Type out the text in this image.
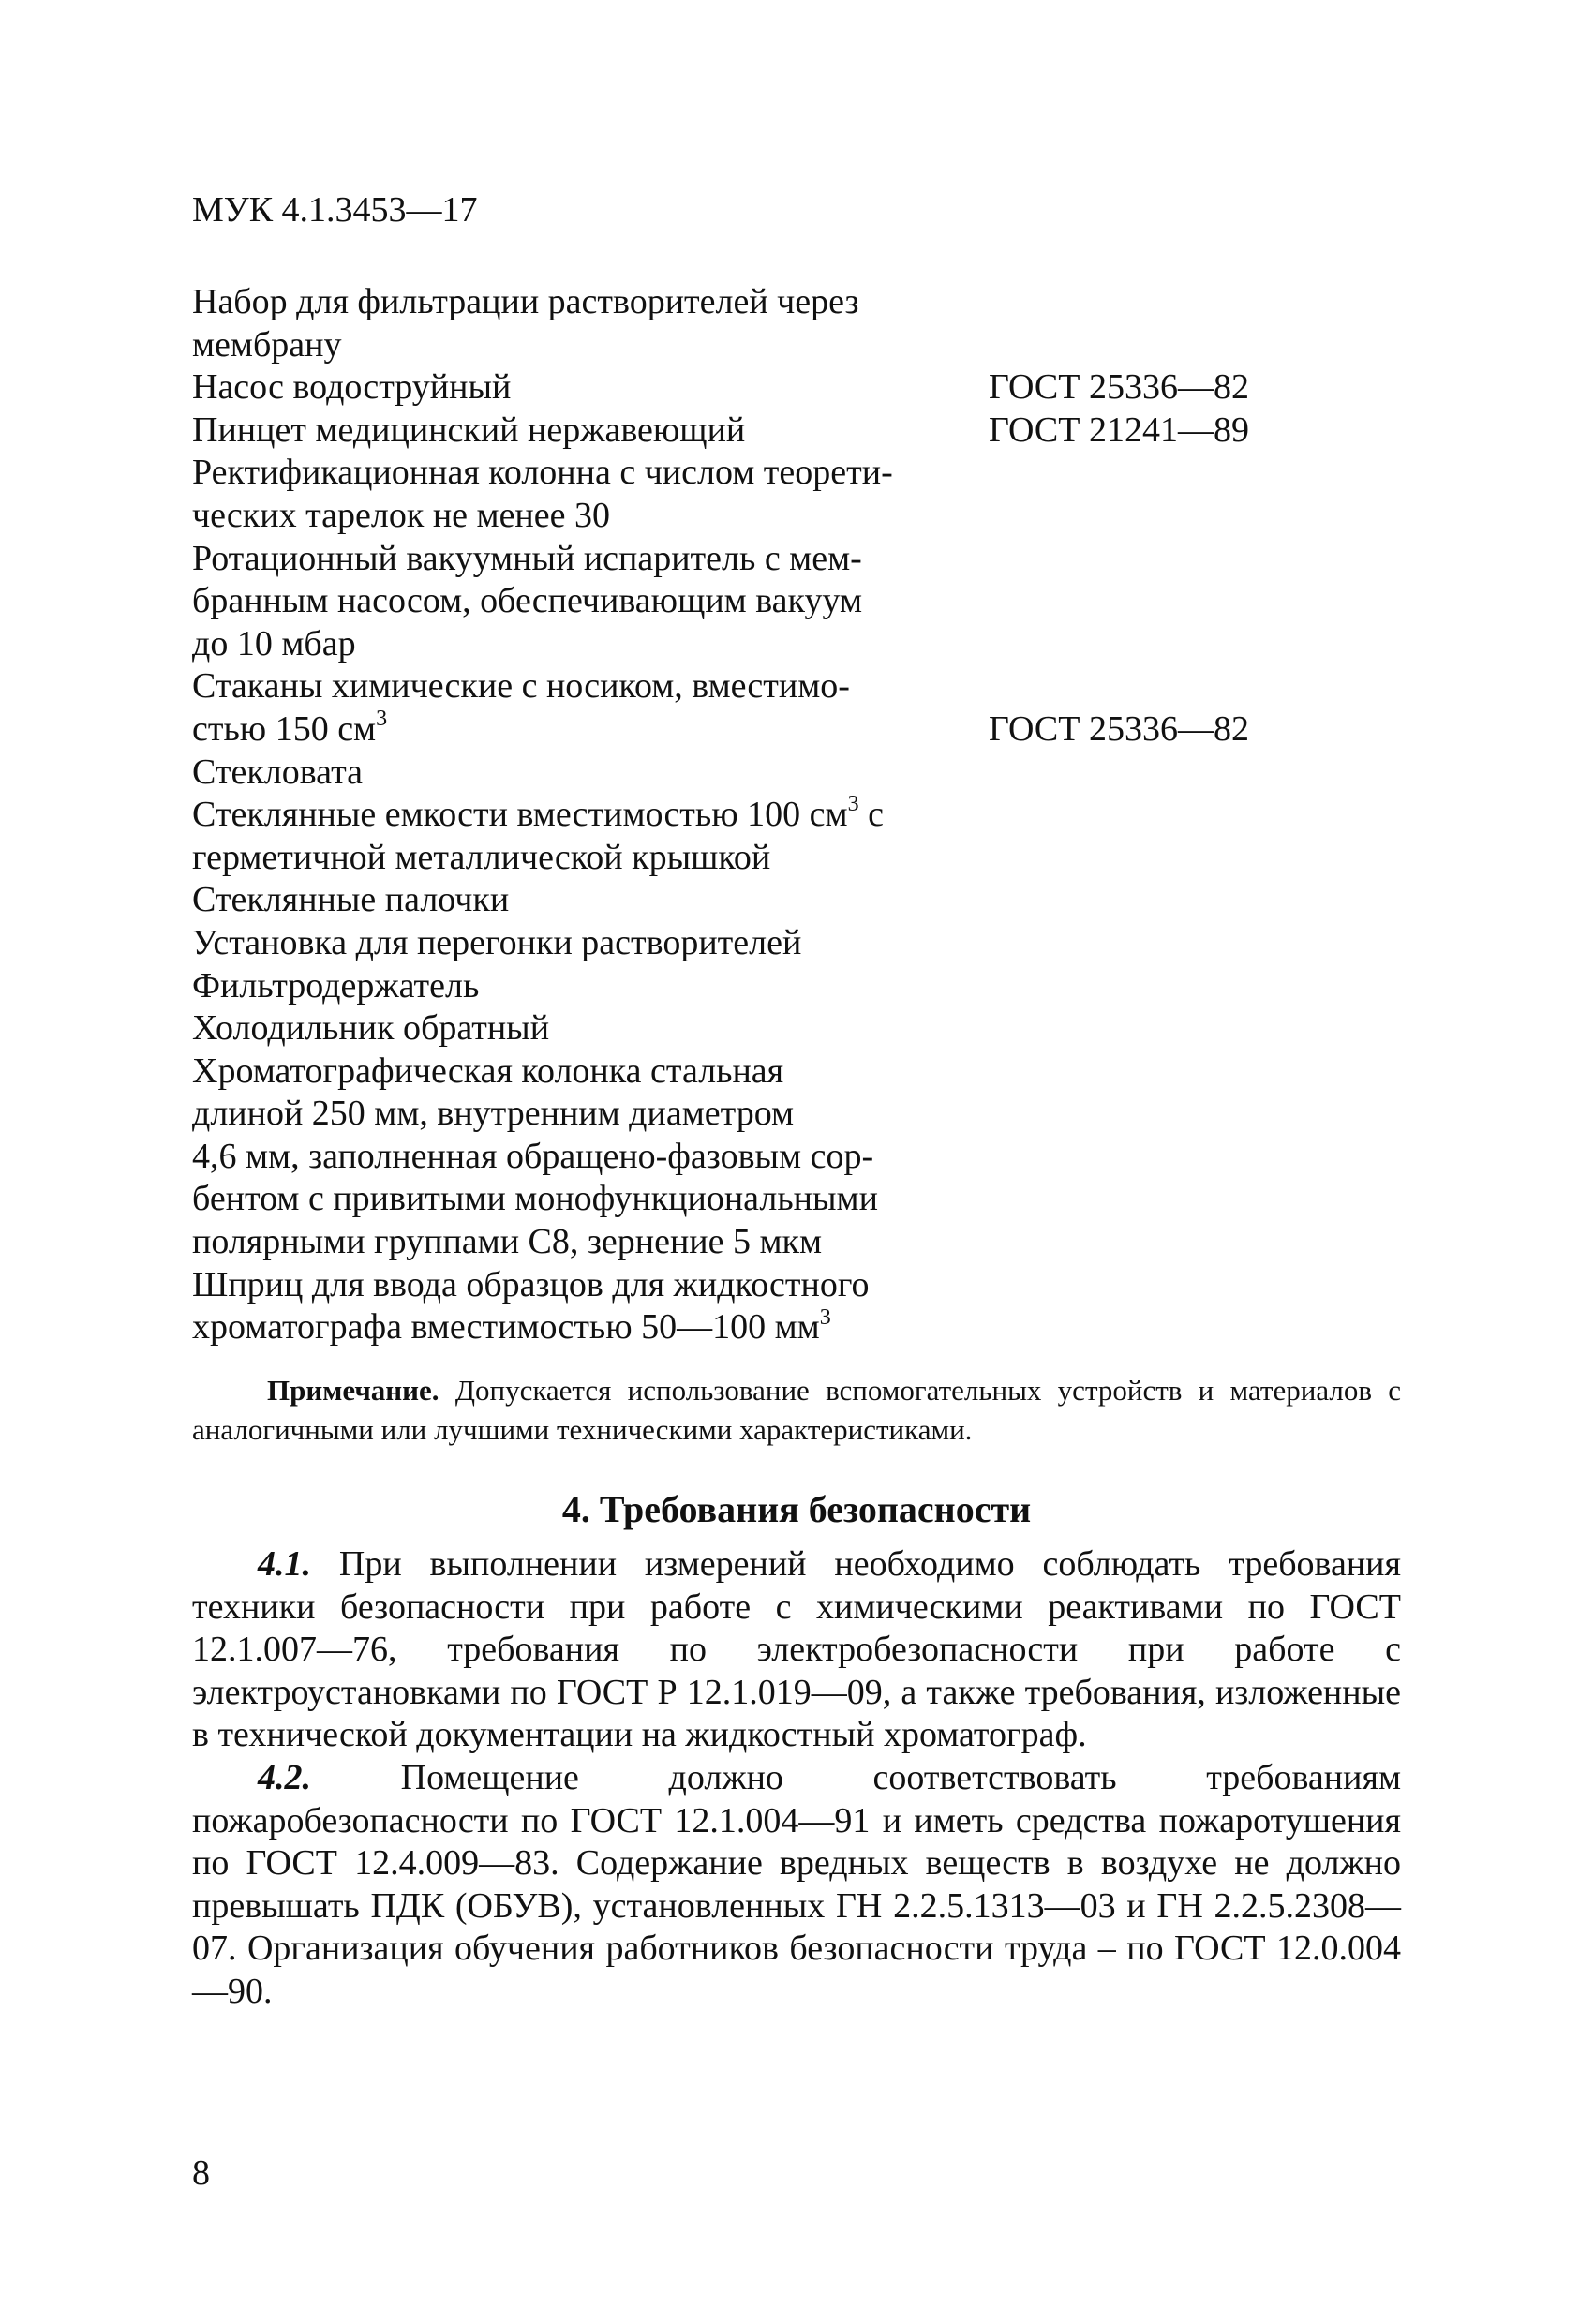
МУК 4.1.3453—17
Набор для фильтрации растворителей через
мембрану
Насос водоструйный	ГОСТ 25336—82
Пинцет медицинский нержавеющий	ГОСТ 21241—89
Ректификационная колонна с числом теорети-
ческих тарелок не менее 30
Ротационный вакуумный испаритель с мем-
бранным насосом, обеспечивающим вакуум
до 10 мбар
Стаканы химические с носиком, вместимо-
стью 150 $см^3$	ГОСТ 25336—82
Стекловата
Стеклянные емкости вместимостью 100 $см^3$ с
герметичной металлической крышкой
Стеклянные палочки
Установка для перегонки растворителей
Фильтродержатель
Холодильник обратный
Хроматографическая колонка стальная
длиной 250 мм, внутренним диаметром
4,6 мм, заполненная обращено-фазовым сор-
бентом с привитыми монофункциональными
полярными группами C8, зернение 5 мкм
Шприц для ввода образцов для жидкостного
хроматографа вместимостью 50—100 $мм^3$
Примечание. Допускается использование вспомогательных устройств и материалов с аналогичными или лучшими техническими характеристиками.
4. Требования безопасности

4.1. При выполнении измерений необходимо соблюдать требования техники безопасности при работе с химическими реактивами по ГОСТ 12.1.007—76, требования по электробезопасности при работе с электроустановками по ГОСТ Р 12.1.019—09, а также требования, изложенные в технической документации на жидкостный хроматограф.

4.2. Помещение должно соответствовать требованиям пожаробезопасности по ГОСТ 12.1.004—91 и иметь средства пожаротушения по ГОСТ 12.4.009—83. Содержание вредных веществ в воздухе не должно превышать ПДК (ОБУВ), установленных ГН 2.2.5.1313—03 и ГН 2.2.5.2308—07. Организация обучения работников безопасности труда – по ГОСТ 12.0.004—90.

8
